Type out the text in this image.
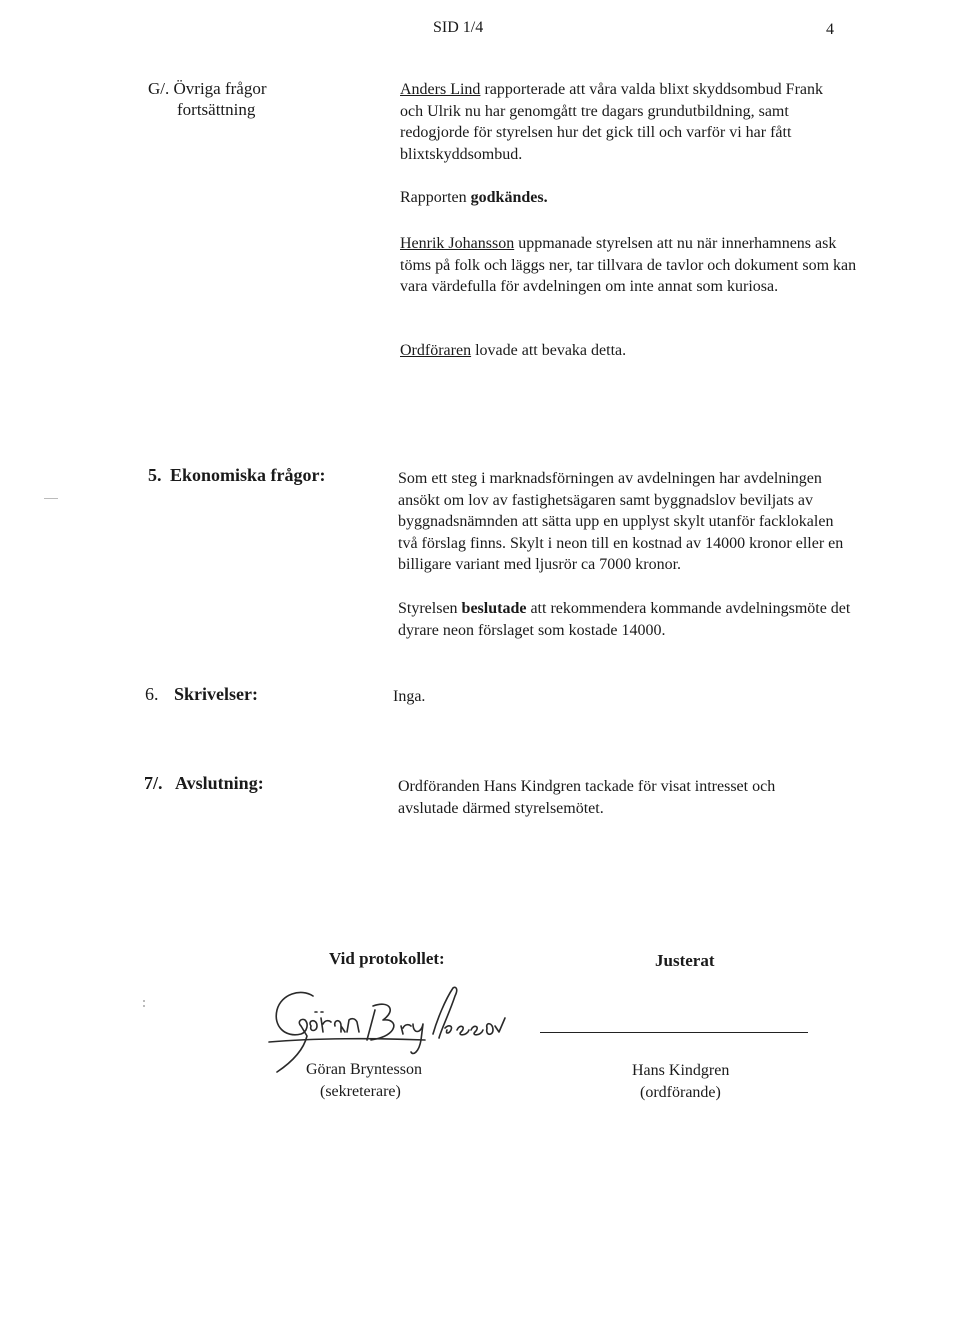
SID 1/4	4
G/. Övriga frågor
fortsättning
Anders Lind rapporterade att våra valda blixt skyddsombud Frank
och Ulrik nu har genomgått tre dagars grundutbildning, samt
redogjorde för styrelsen hur det gick till och varför vi har fått
blixtskyddsombud.
Rapporten godkändes.
Henrik Johansson uppmanade styrelsen att nu när innerhamnens ask
töms på folk och läggs ner, tar tillvara de tavlor och dokument som kan
vara värdefulla för avdelningen om inte annat som kuriosa.
Ordföraren lovade att bevaka detta.
5. Ekonomiska frågor:	Som ett steg i marknadsförningen av avdelningen har avdelningen
ansökt om lov av fastighetsägaren samt byggnadslov beviljats av
byggnadsnämnden att sätta upp en upplyst skylt utanför facklokalen
två förslag finns. Skylt i neon till en kostnad av 14000 kronor eller en
billigare variant med ljusrör ca 7000 kronor.
Styrelsen beslutade att rekommendera kommande avdelningsmöte det
dyrare neon förslaget som kostade 14000.
6. Skrivelser:	Inga.
7/. Avslutning:	Ordföranden Hans Kindgren tackade för visat intresset och
avslutade därmed styrelsemötet.
Vid protokollet:	Justerat
Göran Bryntesson
(sekreterare)
Hans Kindgren
(ordförande)
